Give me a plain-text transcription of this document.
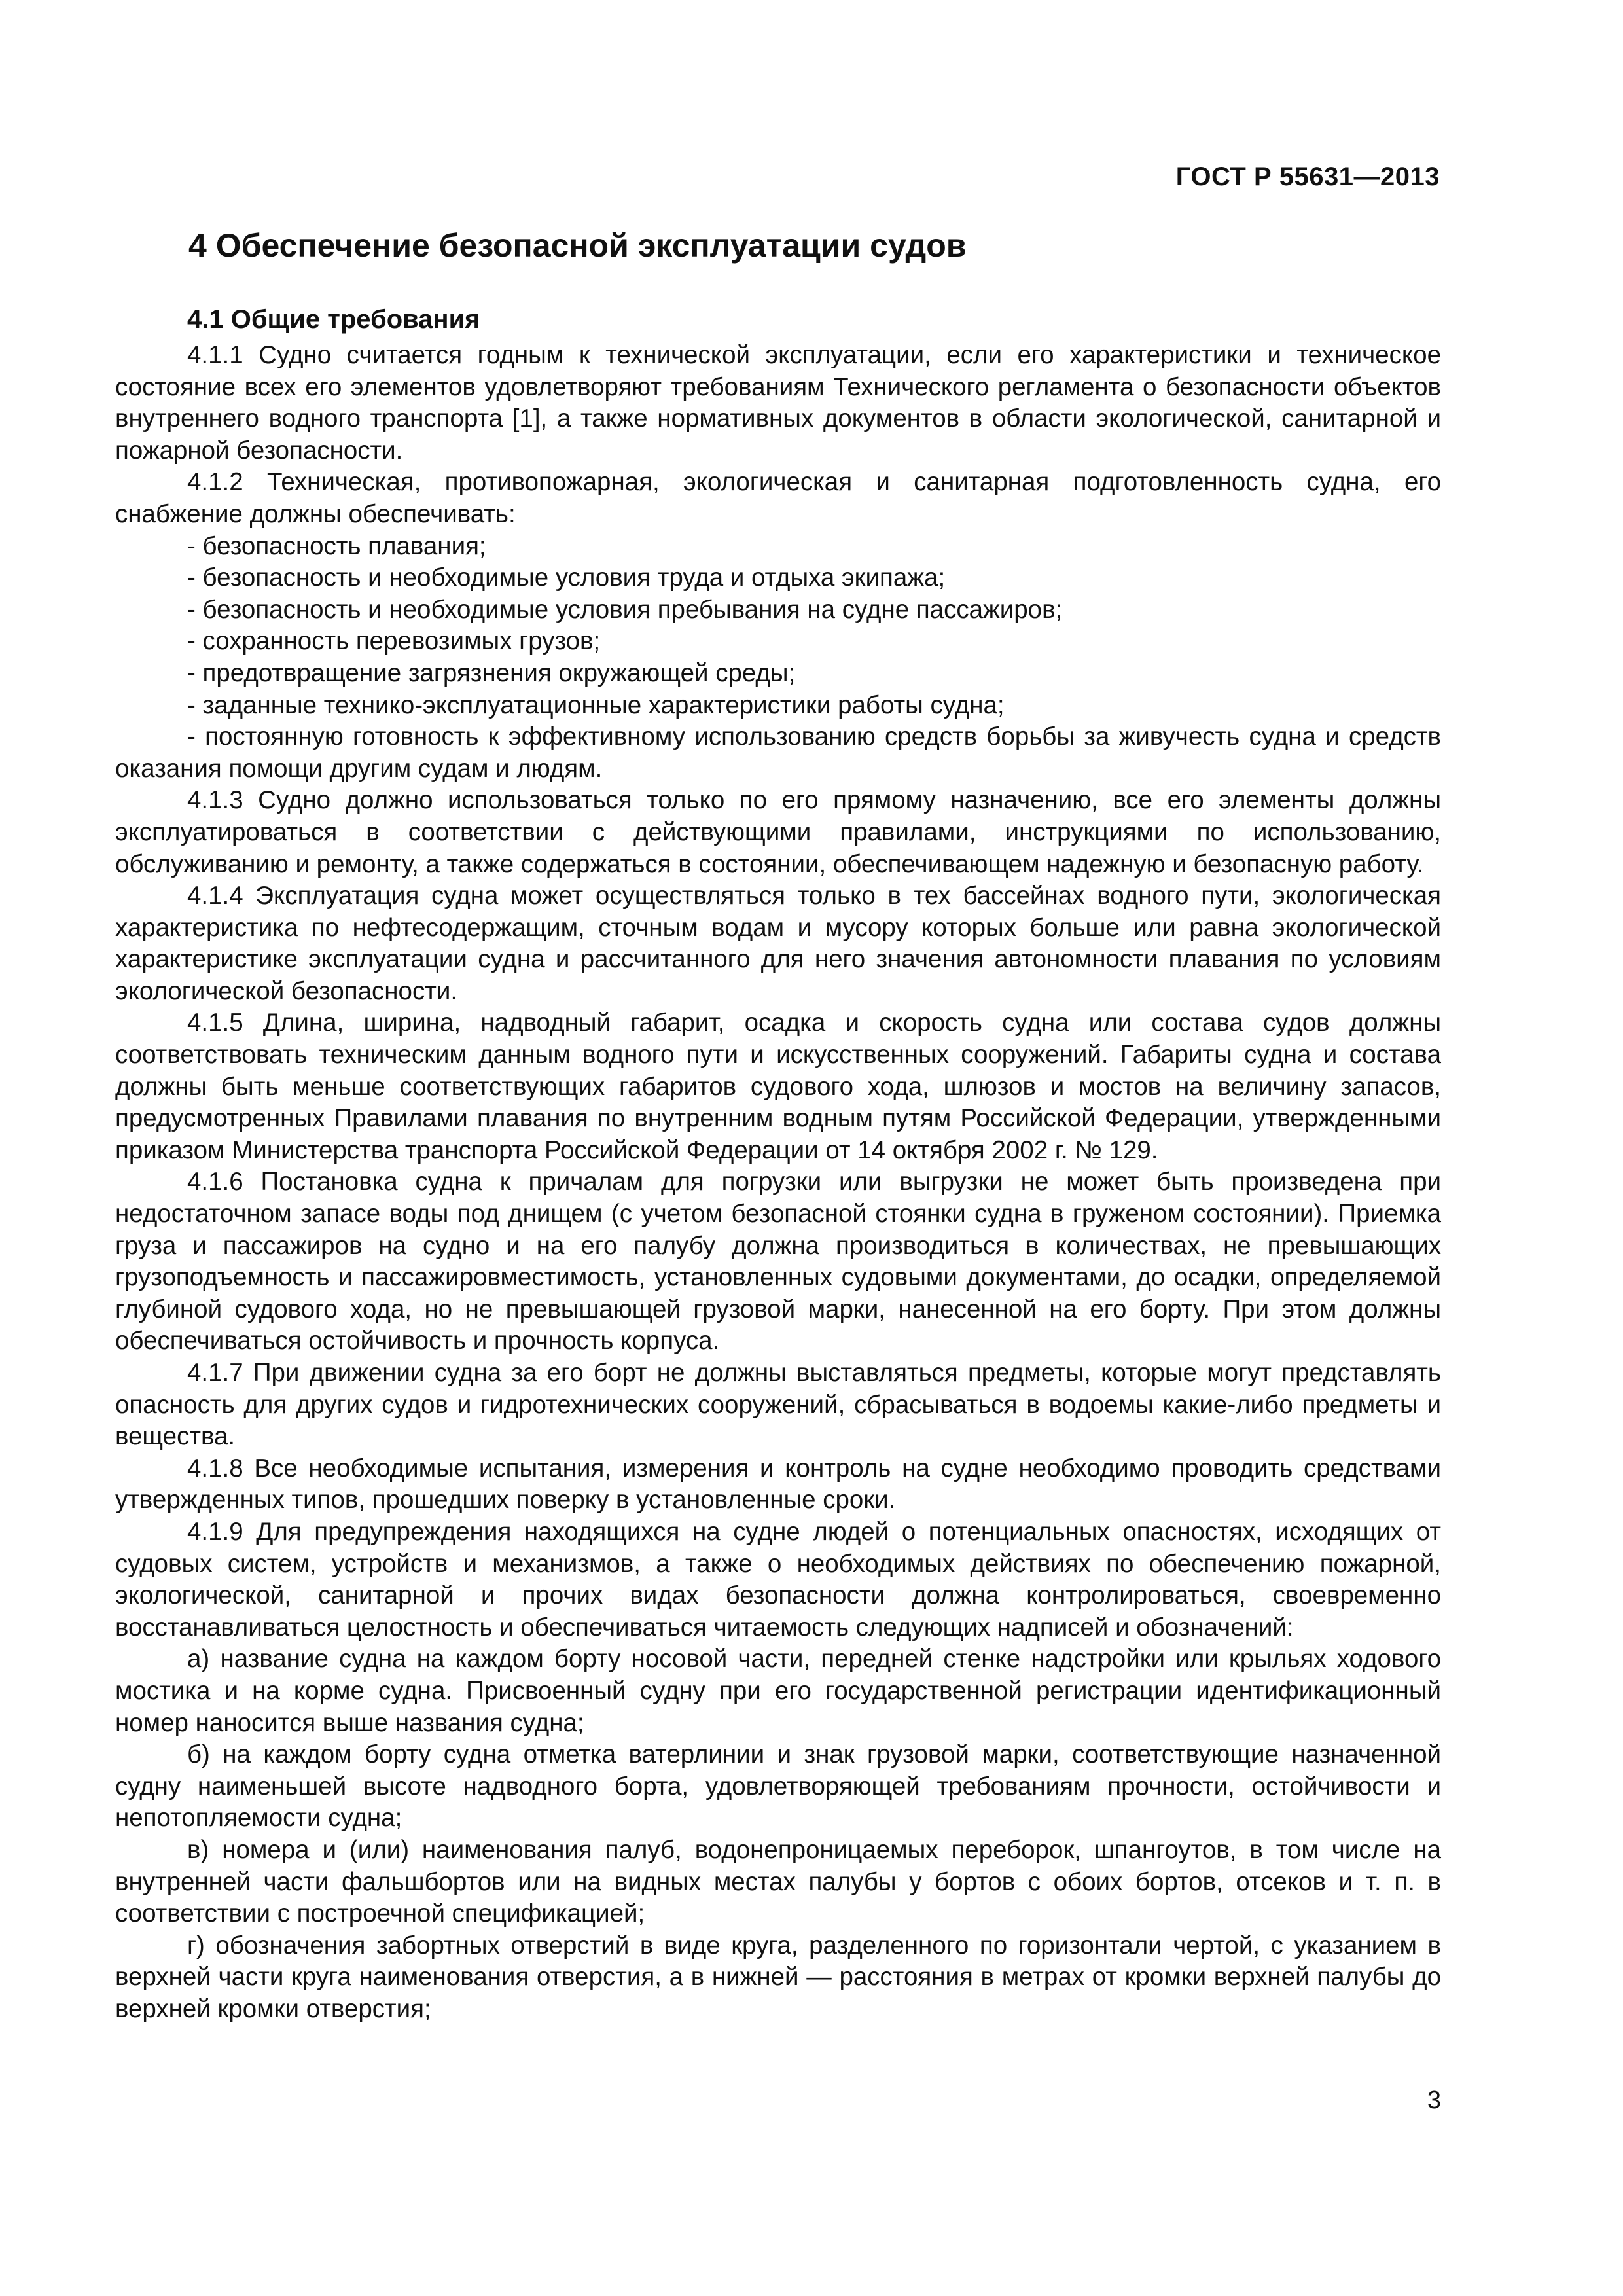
ГОСТ Р 55631—2013
4 Обеспечение безопасной эксплуатации судов
4.1 Общие требования

4.1.1 Судно считается годным к технической эксплуатации, если его характеристики и техническое состояние всех его элементов удовлетворяют требованиям Технического регламента о безопасности объектов внутреннего водного транспорта [1], а также нормативных документов в области экологической, санитарной и пожарной безопасности.

4.1.2 Техническая, противопожарная, экологическая и санитарная подготовленность судна, его снабжение должны обеспечивать:

- безопасность плавания;

- безопасность и необходимые условия труда и отдыха экипажа;

- безопасность и необходимые условия пребывания на судне пассажиров;

- сохранность перевозимых грузов;

- предотвращение загрязнения окружающей среды;

- заданные технико-эксплуатационные характеристики работы судна;

- постоянную готовность к эффективному использованию средств борьбы за живучесть судна и средств оказания помощи другим судам и людям.

4.1.3 Судно должно использоваться только по его прямому назначению, все его элементы должны эксплуатироваться в соответствии с действующими правилами, инструкциями по использованию, обслуживанию и ремонту, а также содержаться в состоянии, обеспечивающем надежную и безопасную работу.

4.1.4 Эксплуатация судна может осуществляться только в тех бассейнах водного пути, экологическая характеристика по нефтесодержащим, сточным водам и мусору которых больше или равна экологической характеристике эксплуатации судна и рассчитанного для него значения автономности плавания по условиям экологической безопасности.

4.1.5 Длина, ширина, надводный габарит, осадка и скорость судна или состава судов должны соответствовать техническим данным водного пути и искусственных сооружений. Габариты судна и состава должны быть меньше соответствующих габаритов судового хода, шлюзов и мостов на величину запасов, предусмотренных Правилами плавания по внутренним водным путям Российской Федерации, утвержденными приказом Министерства транспорта Российской Федерации от 14 октября 2002 г. № 129.

4.1.6 Постановка судна к причалам для погрузки или выгрузки не может быть произведена при недостаточном запасе воды под днищем (с учетом безопасной стоянки судна в груженом состоянии). Приемка груза и пассажиров на судно и на его палубу должна производиться в количествах, не превышающих грузоподъемность и пассажировместимость, установленных судовыми документами, до осадки, определяемой глубиной судового хода, но не превышающей грузовой марки, нанесенной на его борту. При этом должны обеспечиваться остойчивость и прочность корпуса.

4.1.7 При движении судна за его борт не должны выставляться предметы, которые могут представлять опасность для других судов и гидротехнических сооружений, сбрасываться в водоемы какие-либо предметы и вещества.

4.1.8 Все необходимые испытания, измерения и контроль на судне необходимо проводить средствами утвержденных типов, прошедших поверку в установленные сроки.

4.1.9 Для предупреждения находящихся на судне людей о потенциальных опасностях, исходящих от судовых систем, устройств и механизмов, а также о необходимых действиях по обеспечению пожарной, экологической, санитарной и прочих видах безопасности должна контролироваться, своевременно восстанавливаться целостность и обеспечиваться читаемость следующих надписей и обозначений:

а) название судна на каждом борту носовой части, передней стенке надстройки или крыльях ходового мостика и на корме судна. Присвоенный судну при его государственной регистрации идентификационный номер наносится выше названия судна;

б) на каждом борту судна отметка ватерлинии и знак грузовой марки, соответствующие назначенной судну наименьшей высоте надводного борта, удовлетворяющей требованиям прочности, остойчивости и непотопляемости судна;

в) номера и (или) наименования палуб, водонепроницаемых переборок, шпангоутов, в том числе на внутренней части фальшбортов или на видных местах палубы у бортов с обоих бортов, отсеков и т. п. в соответствии с построечной спецификацией;

г) обозначения забортных отверстий в виде круга, разделенного по горизонтали чертой, с указанием в верхней части круга наименования отверстия, а в нижней — расстояния в метрах от кромки верхней палубы до верхней кромки отверстия;

3
